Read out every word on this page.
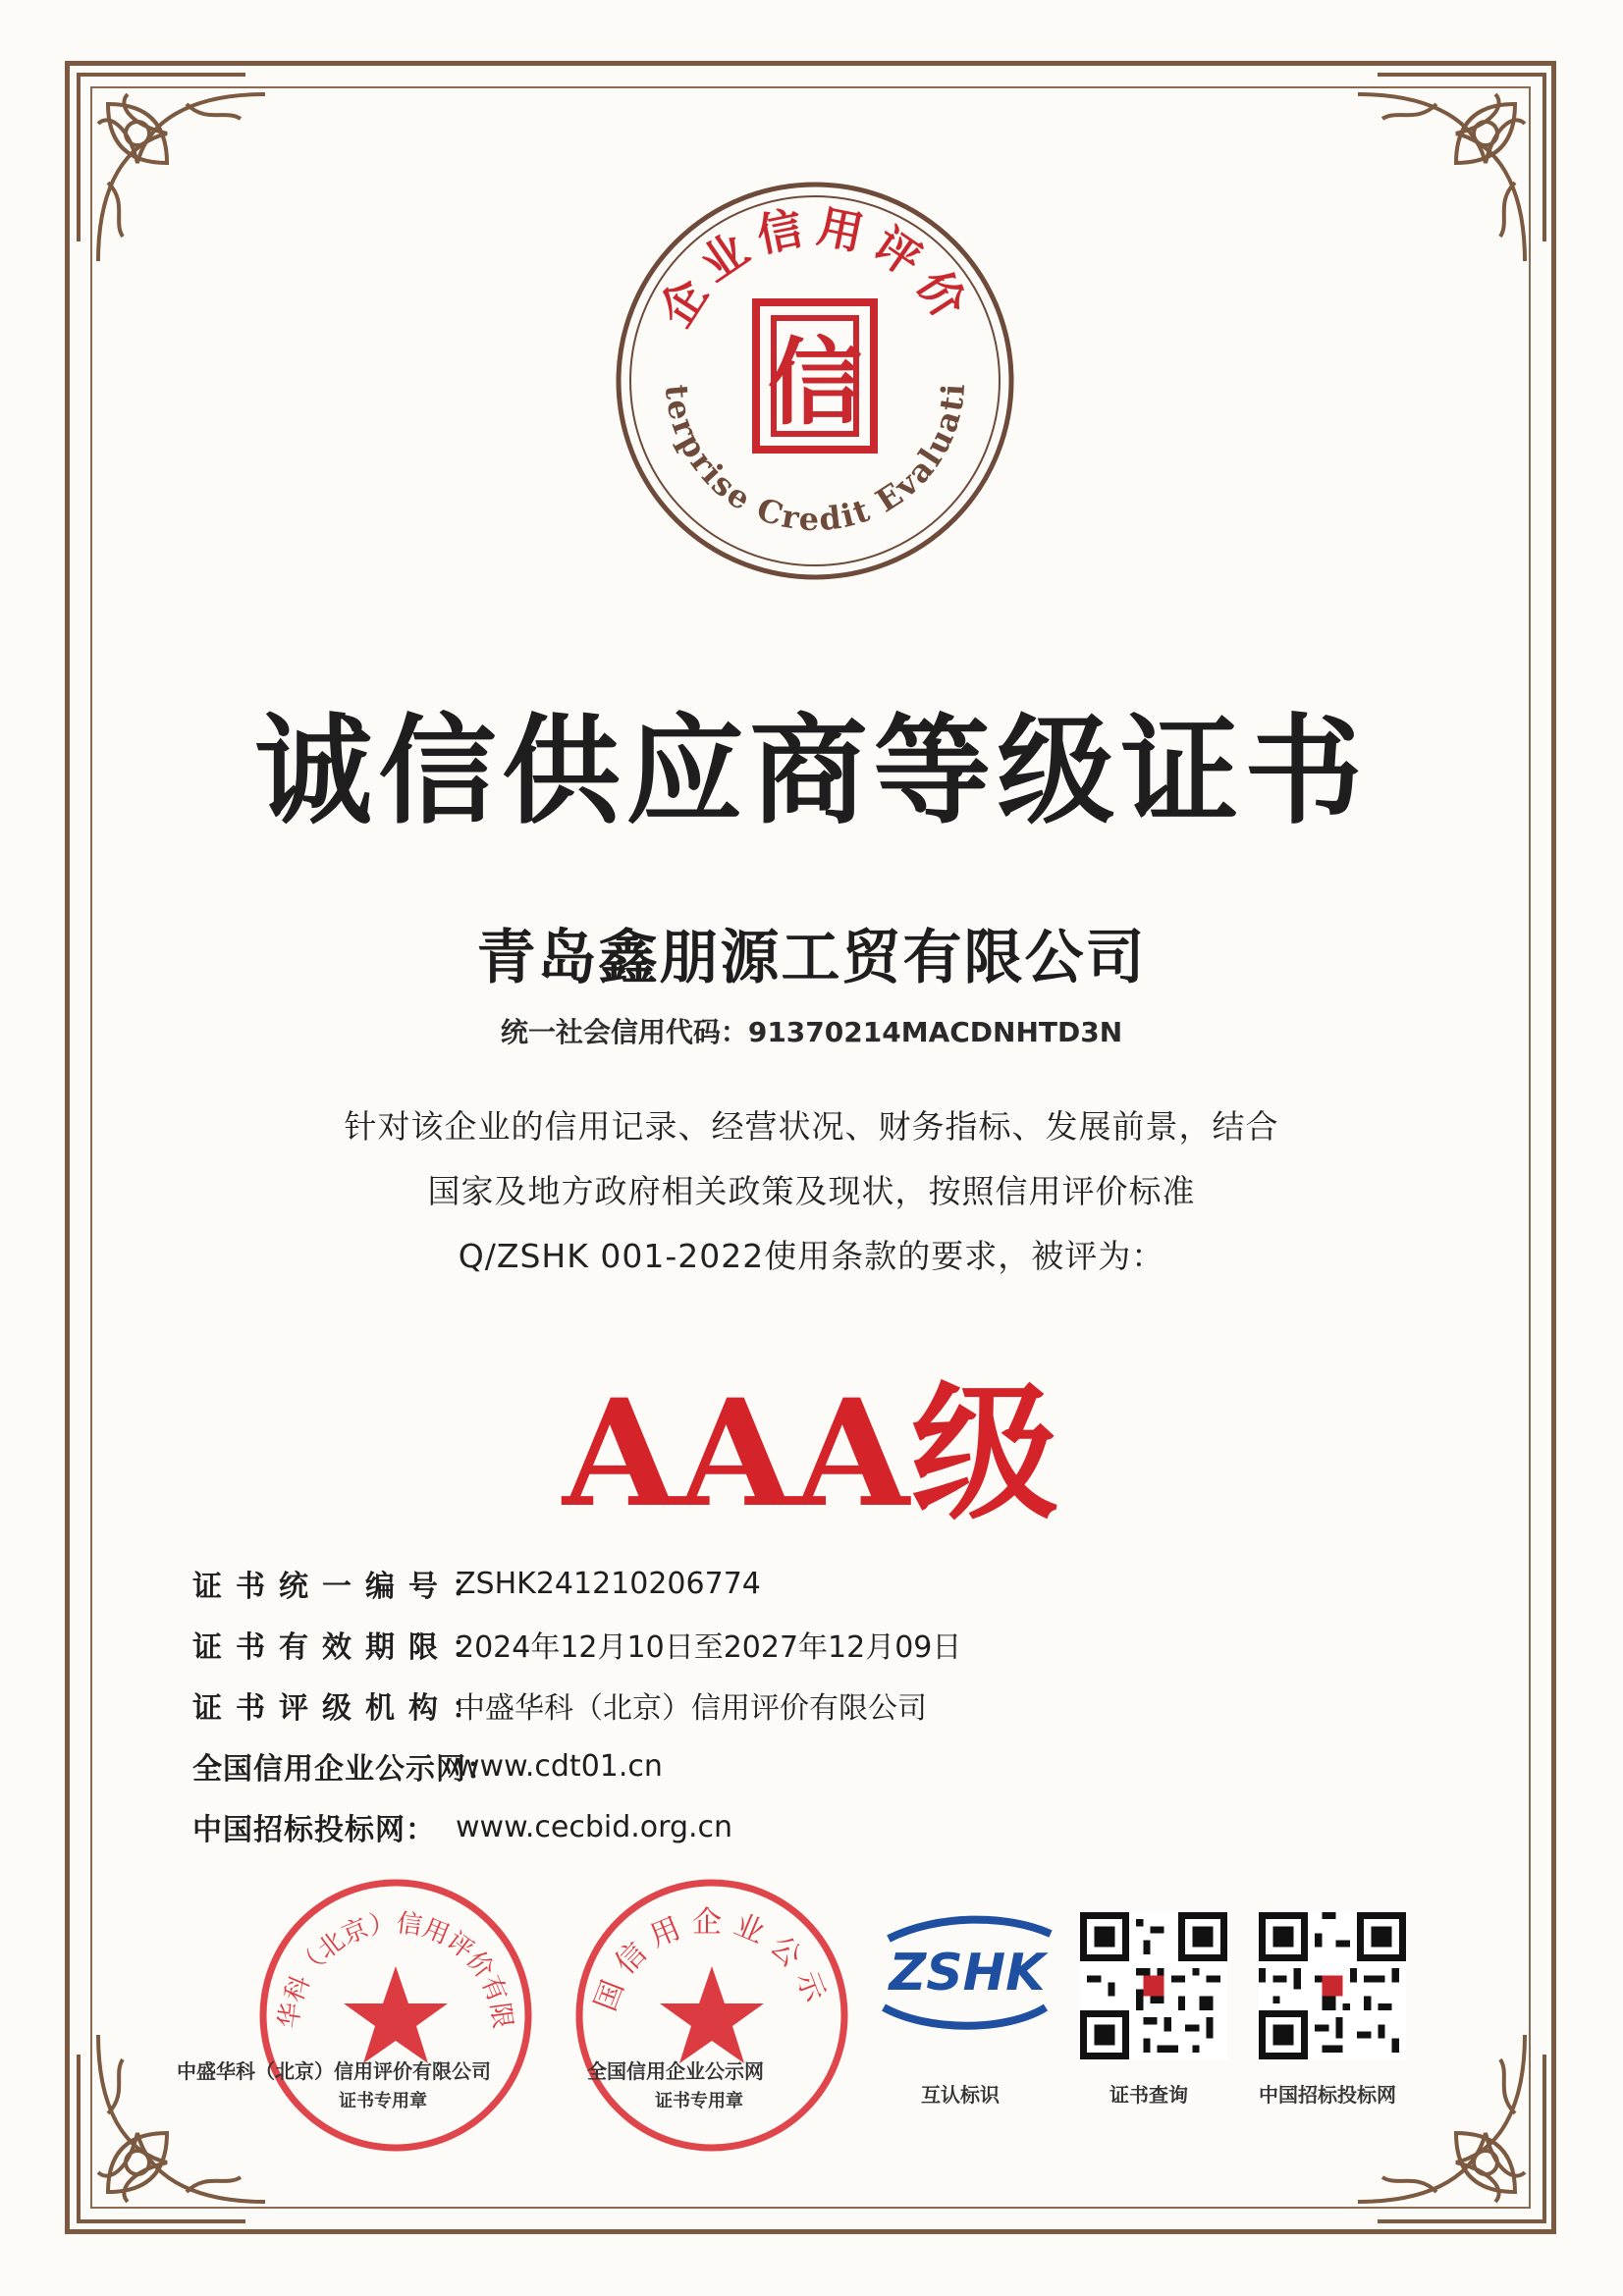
企业信用评价
terprise Credit Evaluati
信
诚信供应商等级证书
青岛鑫朋源工贸有限公司
统一社会信用代码：91370214MACDNHTD3N
针对该企业的信用记录、经营状况、财务指标、发展前景，结合
国家及地方政府相关政策及现状，按照信用评价标准
Q/ZSHK 001-2022使用条款的要求，被评为：
AAA级
证书统一编号：
ZSHK241210206774
证书有效期限：
2024年12月10日至2027年12月09日
证书评级机构：
中盛华科（北京）信用评价有限公司
全国信用企业公示网：
www.cdt01.cn
中国招标投标网： www.cecbid.org.cn
华科（北京）信用评价有限
中盛华科（北京）信用评价有限公司
证书专用章
国信用企业公示
全国信用企业公示网
证书专用章
ZSHK
互认标识	证书查询	中国招标投标网
